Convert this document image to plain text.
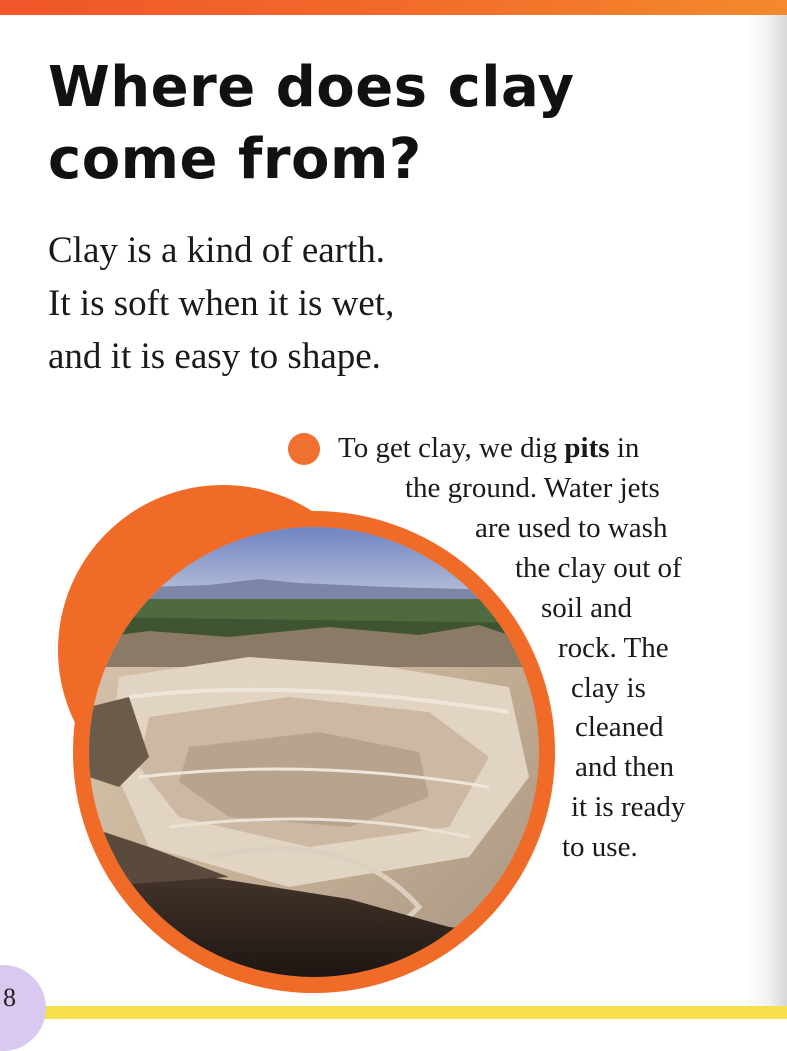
Where does clay
come from?

Clay is a kind of earth.
It is soft when it is wet,
and it is easy to shape.

To get clay, we dig pits in

the ground. Water jets

are used to wash

the clay out of

soil and

rock. The

clay is

cleaned

and then

it is ready

to use.

8
